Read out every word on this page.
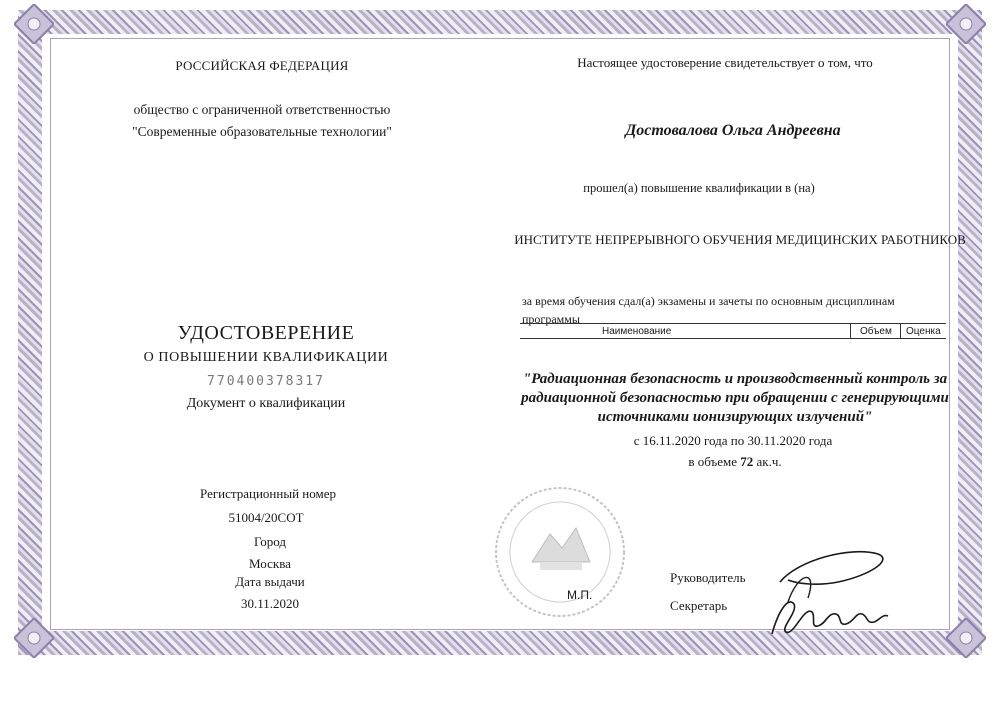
РОССИЙСКАЯ ФЕДЕРАЦИЯ
общество с ограниченной ответственностью
"Современные образовательные технологии"
УДОСТОВЕРЕНИЕ
О ПОВЫШЕНИИ КВАЛИФИКАЦИИ
770400378317
Документ о квалификации
Регистрационный номер
51004/20СОТ
Город
Москва
Дата выдачи
30.11.2020
Настоящее удостоверение свидетельствует о том, что
Достовалова Ольга Андреевна
прошел(а) повышение квалификации в (на)
ИНСТИТУТЕ НЕПРЕРЫВНОГО ОБУЧЕНИЯ МЕДИЦИНСКИХ РАБОТНИКОВ
за время обучения сдал(а) экзамены и зачеты по основным дисциплинам
программы
Наименование	Объем Оценка
"Радиационная безопасность и производственный контроль за радиационной безопасностью при обращении с генерирующими источниками ионизирующих излучений"
с 16.11.2020 года по 30.11.2020 года
в объеме 72 ак.ч.
М.П.
Руководитель
Секретарь
